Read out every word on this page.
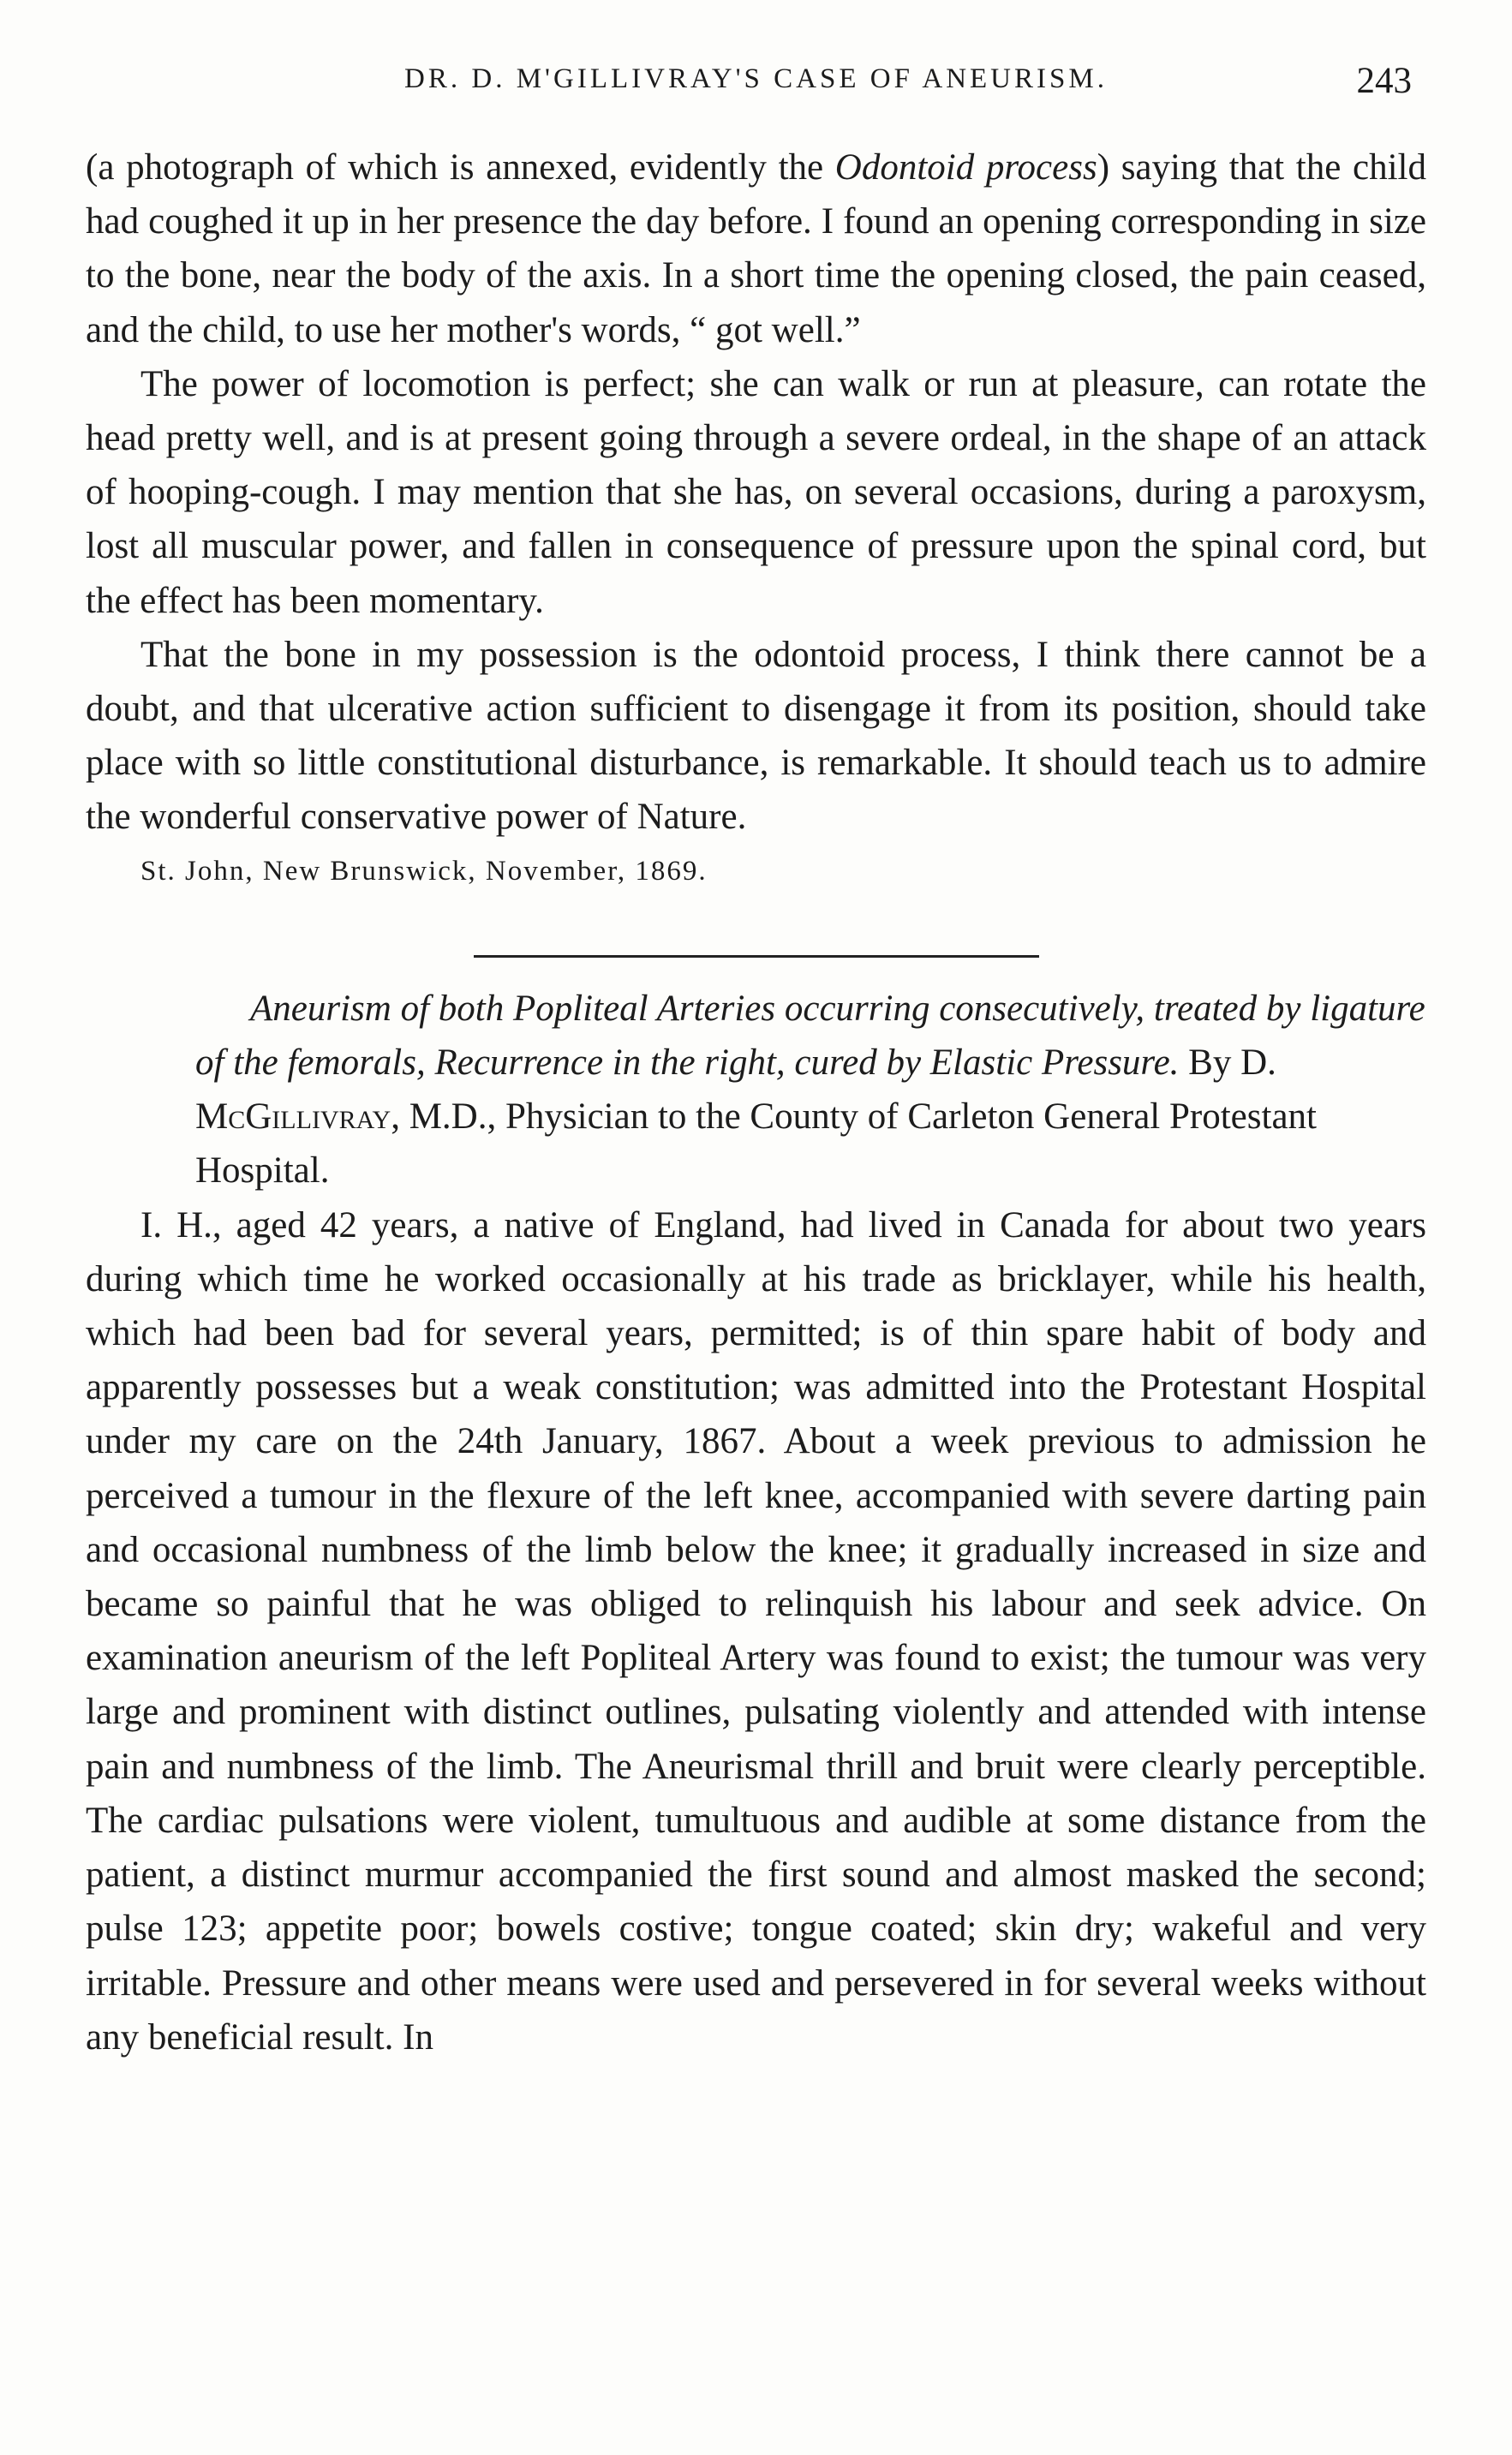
DR. D. M'GILLIVRAY'S CASE OF ANEURISM.	243

(a photograph of which is annexed, evidently the Odontoid process) saying that the child had coughed it up in her presence the day before. I found an opening corresponding in size to the bone, near the body of the axis. In a short time the opening closed, the pain ceased, and the child, to use her mother's words, “ got well.”

The power of locomotion is perfect; she can walk or run at pleasure, can rotate the head pretty well, and is at present going through a severe ordeal, in the shape of an attack of hooping-cough. I may mention that she has, on several occasions, during a paroxysm, lost all muscular power, and fallen in consequence of pressure upon the spinal cord, but the effect has been momentary.

That the bone in my possession is the odontoid process, I think there cannot be a doubt, and that ulcerative action sufficient to disengage it from its position, should take place with so little constitutional disturbance, is remarkable. It should teach us to admire the wonderful conservative power of Nature.

St. John, New Brunswick, November, 1869.

Aneurism of both Popliteal Arteries occurring consecutively, treated by ligature of the femorals, Recurrence in the right, cured by Elastic Pressure. By D. McGillivray, M.D., Physician to the County of Carleton General Protestant Hospital.

I. H., aged 42 years, a native of England, had lived in Canada for about two years during which time he worked occasionally at his trade as bricklayer, while his health, which had been bad for several years, permitted; is of thin spare habit of body and apparently possesses but a weak constitution; was admitted into the Protestant Hospital under my care on the 24th January, 1867. About a week previous to admission he perceived a tumour in the flexure of the left knee, accompanied with severe darting pain and occasional numbness of the limb below the knee; it gradually increased in size and became so painful that he was obliged to relinquish his labour and seek advice. On examination aneurism of the left Popliteal Artery was found to exist; the tumour was very large and prominent with distinct outlines, pulsating violently and attended with intense pain and numbness of the limb. The Aneurismal thrill and bruit were clearly perceptible. The cardiac pulsations were violent, tumultuous and audible at some distance from the patient, a distinct murmur accompanied the first sound and almost masked the second; pulse 123; appetite poor; bowels costive; tongue coated; skin dry; wakeful and very irritable. Pressure and other means were used and persevered in for several weeks without any beneficial result. In
